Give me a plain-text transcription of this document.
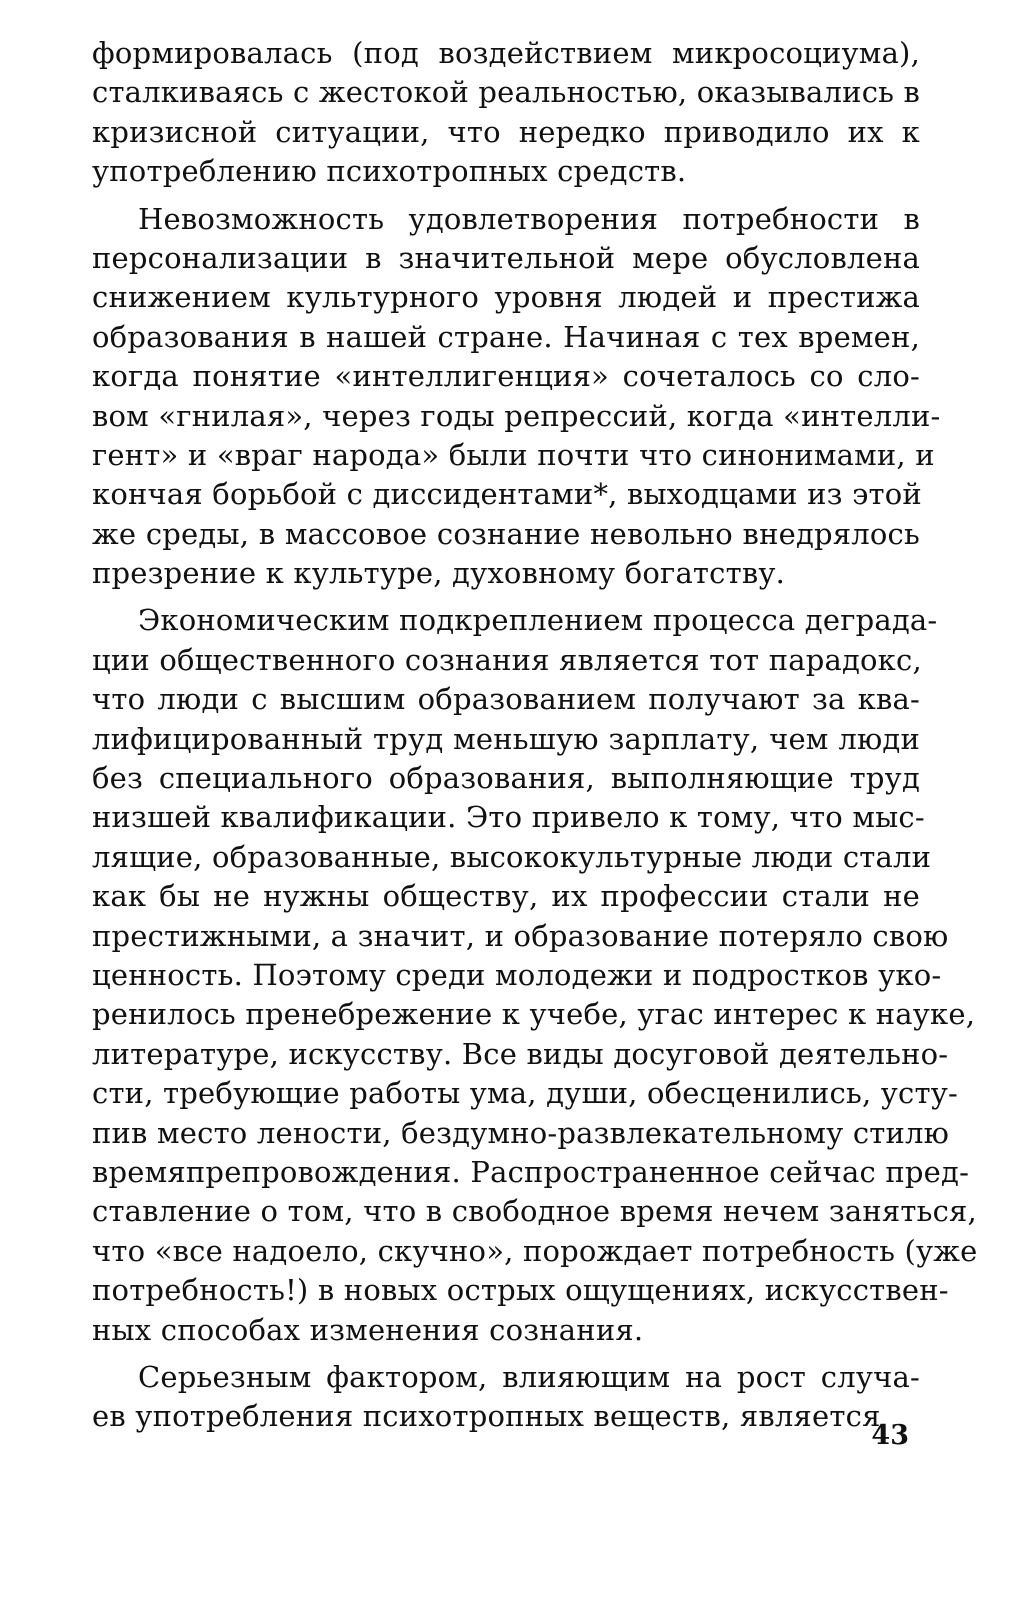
формировалась (под воздействием микросоциума),
сталкиваясь с жестокой реальностью, оказывались в
кризисной ситуации, что нередко приводило их к
употреблению психотропных средств.
Невозможность удовлетворения потребности в
персонализации в значительной мере обусловлена
снижением культурного уровня людей и престижа
образования в нашей стране. Начиная с тех времен,
когда понятие «интеллигенция» сочеталось со сло-
вом «гнилая», через годы репрессий, когда «интелли-
гент» и «враг народа» были почти что синонимами, и
кончая борьбой с диссидентами*, выходцами из этой
же среды, в массовое сознание невольно внедрялось
презрение к культуре, духовному богатству.
Экономическим подкреплением процесса деграда-
ции общественного сознания является тот парадокс,
что люди с высшим образованием получают за ква-
лифицированный труд меньшую зарплату, чем люди
без специального образования, выполняющие труд
низшей квалификации. Это привело к тому, что мыс-
лящие, образованные, высококультурные люди стали
как бы не нужны обществу, их профессии стали не
престижными, а значит, и образование потеряло свою
ценность. Поэтому среди молодежи и подростков уко-
ренилось пренебрежение к учебе, угас интерес к науке,
литературе, искусству. Все виды досуговой деятельно-
сти, требующие работы ума, души, обесценились, усту-
пив место лености, бездумно-развлекательному стилю
времяпрепровождения. Распространенное сейчас пред-
ставление о том, что в свободное время нечем заняться,
что «все надоело, скучно», порождает потребность (уже
потребность!) в новых острых ощущениях, искусствен-
ных способах изменения сознания.
Серьезным фактором, влияющим на рост случа-
ев употребления психотропных веществ, является
43
